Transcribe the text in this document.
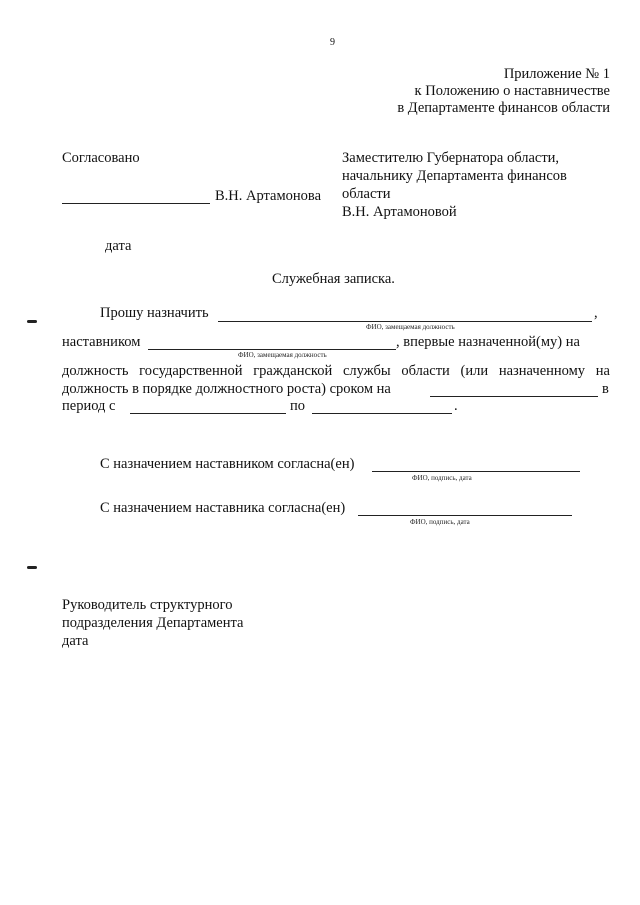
9
Приложение № 1
к Положению о наставничестве
в Департаменте финансов области
Согласовано
В.Н. Артамонова
дата
Заместителю Губернатора области,
начальнику Департамента финансов
области
В.Н. Артамоновой
Служебная записка.
Прошу назначить	,
ФИО, замещаемая должность
наставником	, впервые назначенной(му) на
ФИО, замещаемая должность
должность государственной гражданской службы области (или назначенному на
должность в порядке должностного роста) сроком на	в
период с	по	.
С назначением наставником согласна(ен)
ФИО, подпись, дата
С назначением наставника согласна(ен)
ФИО, подпись, дата
Руководитель структурного
подразделения Департамента
дата
